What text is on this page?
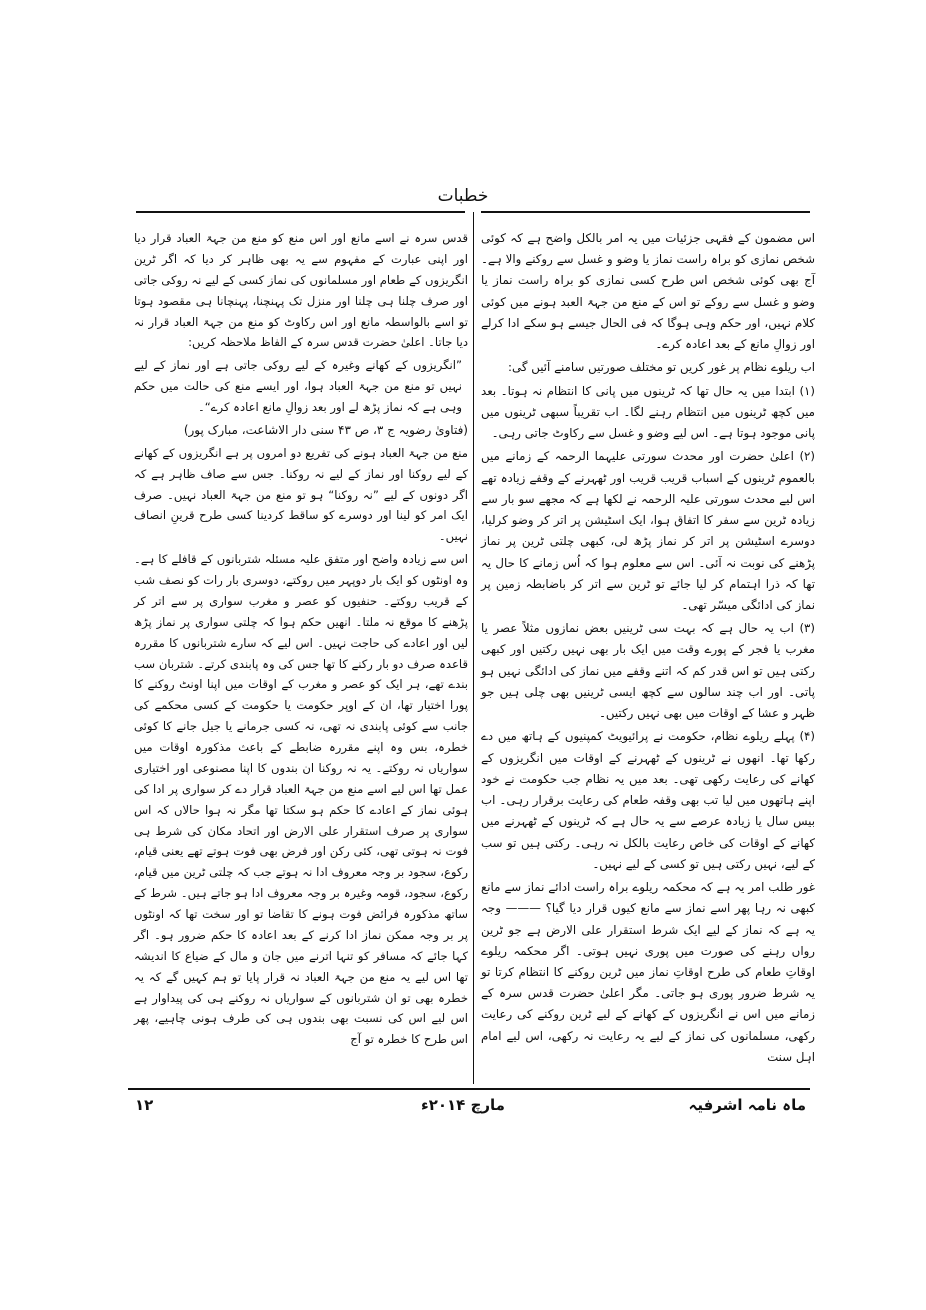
خطبات

اس مضمون کے فقہی جزئیات میں یہ امر بالکل واضح ہے کہ کوئی شخص نمازی کو براہ راست نماز یا وضو و غسل سے روکنے والا ہے۔ آج بھی کوئی شخص اس طرح کسی نمازی کو براہ راست نماز یا وضو و غسل سے روکے تو اس کے منع من جہۃ العبد ہونے میں کوئی کلام نہیں، اور حکم وہی ہوگا کہ فی الحال جیسے ہو سکے ادا کرلے اور زوالِ مانع کے بعد اعادہ کرے۔

اب ریلوے نظام پر غور کریں تو مختلف صورتیں سامنے آئیں گی:

(۱) ابتدا میں یہ حال تھا کہ ٹرینوں میں پانی کا انتظام نہ ہوتا۔ بعد میں کچھ ٹرینوں میں انتظام رہنے لگا۔ اب تقریباً سبھی ٹرینوں میں پانی موجود ہوتا ہے۔ اس لیے وضو و غسل سے رکاوٹ جاتی رہی۔

(۲) اعلیٰ حضرت اور محدث سورتی علیہما الرحمہ کے زمانے میں بالعموم ٹرینوں کے اسباب قریب قریب اور ٹھہرنے کے وقفے زیادہ تھے اس لیے محدث سورتی علیہ الرحمہ نے لکھا ہے کہ مجھے سو بار سے زیادہ ٹرین سے سفر کا اتفاق ہوا، ایک اسٹیشن پر اتر کر وضو کرلیا، دوسرے اسٹیشن پر اتر کر نماز پڑھ لی، کبھی چلتی ٹرین پر نماز پڑھنے کی نوبت نہ آئی۔ اس سے معلوم ہوا کہ اُس زمانے کا حال یہ تھا کہ ذرا اہتمام کر لیا جائے تو ٹرین سے اتر کر باضابطہ زمین پر نماز کی ادائگی میسّر تھی۔

(۳) اب یہ حال ہے کہ بہت سی ٹرینیں بعض نمازوں مثلاً عصر یا مغرب یا فجر کے پورے وقت میں ایک بار بھی نہیں رکتیں اور کبھی رکتی ہیں تو اس قدر کم کہ اتنے وقفے میں نماز کی ادائگی نہیں ہو پاتی۔ اور اب چند سالوں سے کچھ ایسی ٹرینیں بھی چلی ہیں جو ظہر و عشا کے اوقات میں بھی نہیں رکتیں۔

(۴) پہلے ریلوے نظام، حکومت نے پرائیویٹ کمپنیوں کے ہاتھ میں دے رکھا تھا۔ انھوں نے ٹرینوں کے ٹھہرنے کے اوقات میں انگریزوں کے کھانے کی رعایت رکھی تھی۔ بعد میں یہ نظام جب حکومت نے خود اپنے ہاتھوں میں لیا تب بھی وقفہ طعام کی رعایت برقرار رہی۔ اب بیس سال یا زیادہ عرصے سے یہ حال ہے کہ ٹرینوں کے ٹھہرنے میں کھانے کے اوقات کی خاص رعایت بالکل نہ رہی۔ رکتی ہیں تو سب کے لیے، نہیں رکتی ہیں تو کسی کے لیے نہیں۔

غور طلب امر یہ ہے کہ محکمہ ریلوے براہ راست ادائے نماز سے مانع کبھی نہ رہا پھر اسے نماز سے مانع کیوں قرار دیا گیا؟ ——— وجہ یہ ہے کہ نماز کے لیے ایک شرط استقرار علی الارض ہے جو ٹرین رواں رہنے کی صورت میں پوری نہیں ہوتی۔ اگر محکمہ ریلوے اوقاتِ طعام کی طرح اوقاتِ نماز میں ٹرین روکنے کا انتظام کرتا تو یہ شرط ضرور پوری ہو جاتی۔ مگر اعلیٰ حضرت قدس سرہ کے زمانے میں اس نے انگریزوں کے کھانے کے لیے ٹرین روکنے کی رعایت رکھی، مسلمانوں کی نماز کے لیے یہ رعایت نہ رکھی، اس لیے امام اہل سنت

قدس سرہ نے اسے مانع اور اس منع کو منع من جہۃ العباد قرار دیا اور اپنی عبارت کے مفہوم سے یہ بھی ظاہر کر دیا کہ اگر ٹرین انگریزوں کے طعام اور مسلمانوں کی نماز کسی کے لیے نہ روکی جاتی اور صرف چلنا ہی چلنا اور منزل تک پہنچنا، پہنچانا ہی مقصود ہوتا تو اسے بالواسطہ مانع اور اس رکاوٹ کو منع من جہۃ العباد قرار نہ دیا جاتا۔ اعلیٰ حضرت قدس سرہ کے الفاظ ملاحظہ کریں:

”انگریزوں کے کھانے وغیرہ کے لیے روکی جاتی ہے اور نماز کے لیے نہیں تو منع من جہۃ العباد ہوا، اور ایسے منع کی حالت میں حکم وہی ہے کہ نماز پڑھ لے اور بعد زوالِ مانع اعادہ کرے“۔

(فتاویٰ رضویہ ج ۳، ص ۴۳ سنی دار الاشاعت، مبارک پور)

منع من جہۃ العباد ہونے کی تفریع دو امروں پر ہے انگریزوں کے کھانے کے لیے روکنا اور نماز کے لیے نہ روکنا۔ جس سے صاف ظاہر ہے کہ اگر دونوں کے لیے ”نہ روکنا“ ہو تو منع من جہۃ العباد نہیں۔ صرف ایک امر کو لینا اور دوسرے کو ساقط کردینا کسی طرح قرینِ انصاف نہیں۔

اس سے زیادہ واضح اور متفق علیہ مسئلہ شتربانوں کے قافلے کا ہے۔ وہ اونٹوں کو ایک بار دوپہر میں روکتے، دوسری بار رات کو نصف شب کے قریب روکتے۔ حنفیوں کو عصر و مغرب سواری پر سے اتر کر پڑھنے کا موقع نہ ملتا۔ انھیں حکم ہوا کہ چلتی سواری پر نماز پڑھ لیں اور اعادے کی حاجت نہیں۔ اس لیے کہ سارے شتربانوں کا مقررہ قاعدہ صرف دو بار رکنے کا تھا جس کی وہ پابندی کرتے۔ شتربان سب بندے تھے، ہر ایک کو عصر و مغرب کے اوقات میں اپنا اونٹ روکنے کا پورا اختیار تھا، ان کے اوپر حکومت یا حکومت کے کسی محکمے کی جانب سے کوئی پابندی نہ تھی، نہ کسی جرمانے یا جیل جانے کا کوئی خطرہ، بس وہ اپنے مقررہ ضابطے کے باعث مذکورہ اوقات میں سواریاں نہ روکتے۔ یہ نہ روکنا ان بندوں کا اپنا مصنوعی اور اختیاری عمل تھا اس لیے اسے منع من جہۃ العباد قرار دے کر سواری پر ادا کی ہوئی نماز کے اعادے کا حکم ہو سکتا تھا مگر نہ ہوا حالاں کہ اس سواری پر صرف استقرار علی الارض اور اتحاد مکان کی شرط ہی فوت نہ ہوتی تھی، کئی رکن اور فرض بھی فوت ہوتے تھے یعنی قیام، رکوع، سجود بر وجہ معروف ادا نہ ہوتے جب کہ چلتی ٹرین میں قیام، رکوع، سجود، قومہ وغیرہ بر وجہ معروف ادا ہو جاتے ہیں۔ شرط کے ساتھ مذکورہ فرائض فوت ہونے کا تقاضا تو اور سخت تھا کہ اونٹوں پر بر وجہ ممکن نماز ادا کرنے کے بعد اعادہ کا حکم ضرور ہو۔ اگر کہا جائے کہ مسافر کو تنہا اترنے میں جان و مال کے ضیاع کا اندیشہ تھا اس لیے یہ منع من جہۃ العباد نہ قرار پایا تو ہم کہیں گے کہ یہ خطرہ بھی تو ان شتربانوں کے سواریاں نہ روکنے ہی کی پیداوار ہے اس لیے اس کی نسبت بھی بندوں ہی کی طرف ہونی چاہیے، پھر اس طرح کا خطرہ تو آج

ماہ نامہ اشرفیہ
مارچ ۲۰۱۴ء
۱۲
